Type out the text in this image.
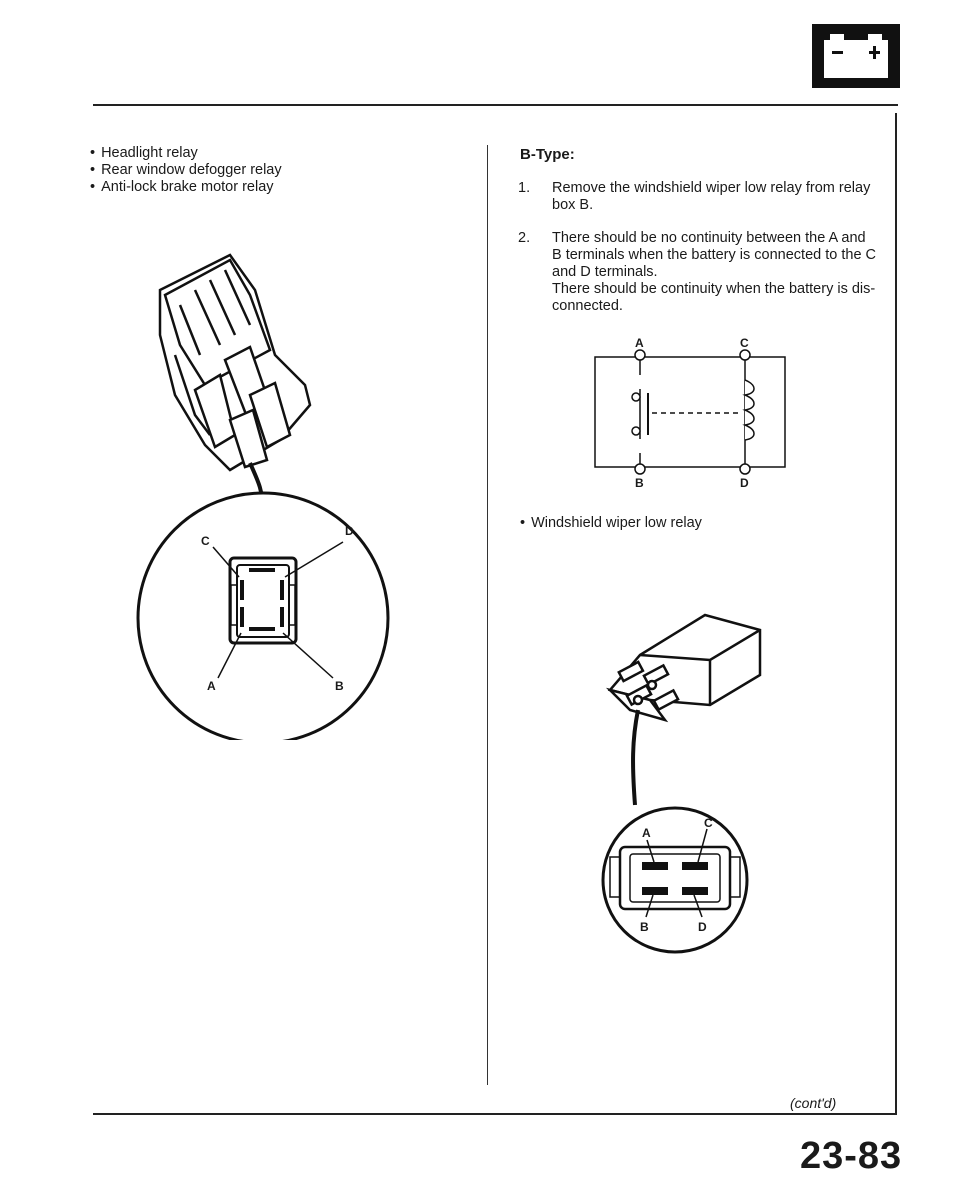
• Headlight relay
• Rear window defogger relay
• Anti-lock brake motor relay
C
D
A	B
B-Type:
1. Remove the windshield wiper low relay from relay
box B.
2. There should be no continuity between the A and
B terminals when the battery is connected to the C
and D terminals.
There should be continuity when the battery is dis-
connected.
A	C
B	D
• Windshield wiper low relay
A
C
B	D
(cont'd)
23-83
